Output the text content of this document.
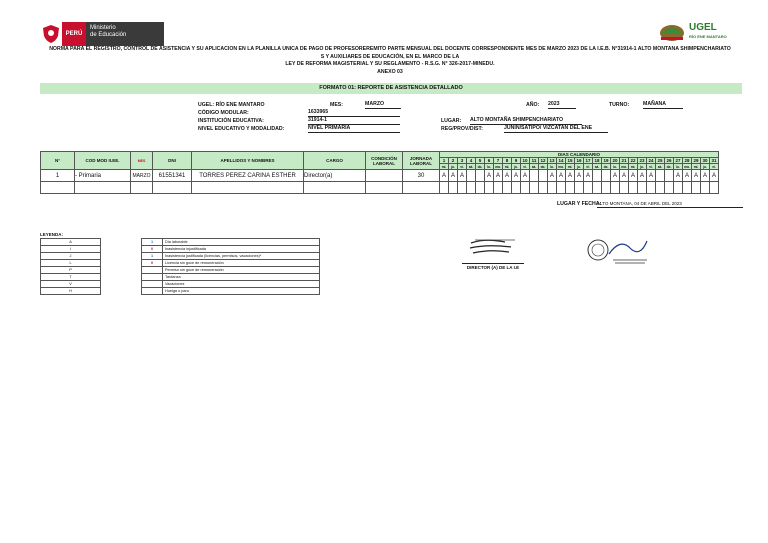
PERÚ
Ministerio
de Educación
UGEL
RÍO ENE MANTARO
NORMA PARA EL REGISTRO, CONTROL DE ASISTENCIA Y SU APLICACION EN LA PLANILLA UNICA DE PAGO DE PROFESOREREMITO PARTE MENSUAL DEL DOCENTE CORRESPONDIENTE MES DE MARZO 2023 DE LA I.E.B. N°31914-1 ALTO MONTANA SHIMPENCHARIATO
S Y AUXILIARES DE EDUCACIÓN, EN EL MARCO DE LA
LEY DE REFORMA MAGISTERIAL Y SU REGLAMENTO - R.S.G. N° 326-2017-MINEDU.
ANEXO 03
FORMATO 01: REPORTE DE ASISTENCIA DETALLADO
UGEL: RÍO ENE MANTARO	MES:	MARZO	AÑO: 2023	TURNO:	MAÑANA
CÓDIGO MODULAR:	1633965
INSTITUCIÓN EDUCATIVA:	31914-1	LUGAR: ALTO MONTAÑA SHIMPENCHARIATO
NIVEL EDUCATIVO Y MODALIDAD:	NIVEL PRIMARIA	REG/PROV/DIST:	JUNIN/SATIPO/ VIZCATAN DEL ENE
N°	COD MOD II.EE.	MES	DNI	APELLIDOS Y NOMBRES	CARGO	CONDICIÓN LABORAL	JORNADA LABORAL	DIAS CALENDARIO																														
								1	2	3	4	5	6	7	8	9	10	11	12	13	14	15	16	17	18	19	20	21	22	23	24	25	26	27	28	29	30	31
								mi.	ju.	vi.	sá.	do.	lu.	ma.	mi.	ju.	vi.	sá.	do.	lu.	ma.	mi.	ju.	vi.	sá.	do.	lu.	ma.	mi.	ju.	vi.	sá.	do.	lu.	ma.	mi.	ju.	vi.
1	- Primaria	MARZO	61551341	TORRES PEREZ CARINA ESTHER	Director(a)		30	A	A	A			A	A	A	A	A			A	A	A	A	A			A	A	A	A	A			A	A	A	A	A

LUGAR Y FECHA:
ALTO MONTANA, 04 DE ABRIL DEL 2023
DIRECTOR (A) DE LA I.E
LEYENDA:
A		1	Día laborable
I		0	Inasistencia injustificada
J		1	Inasistencia justificada (licencias, permisos, vacaciones)*
L		0	Licencia sin goce de remuneración
P			Permiso sin goce de remuneración
T			Tardanza
V			Vacaciones
H			Huelga o paro
